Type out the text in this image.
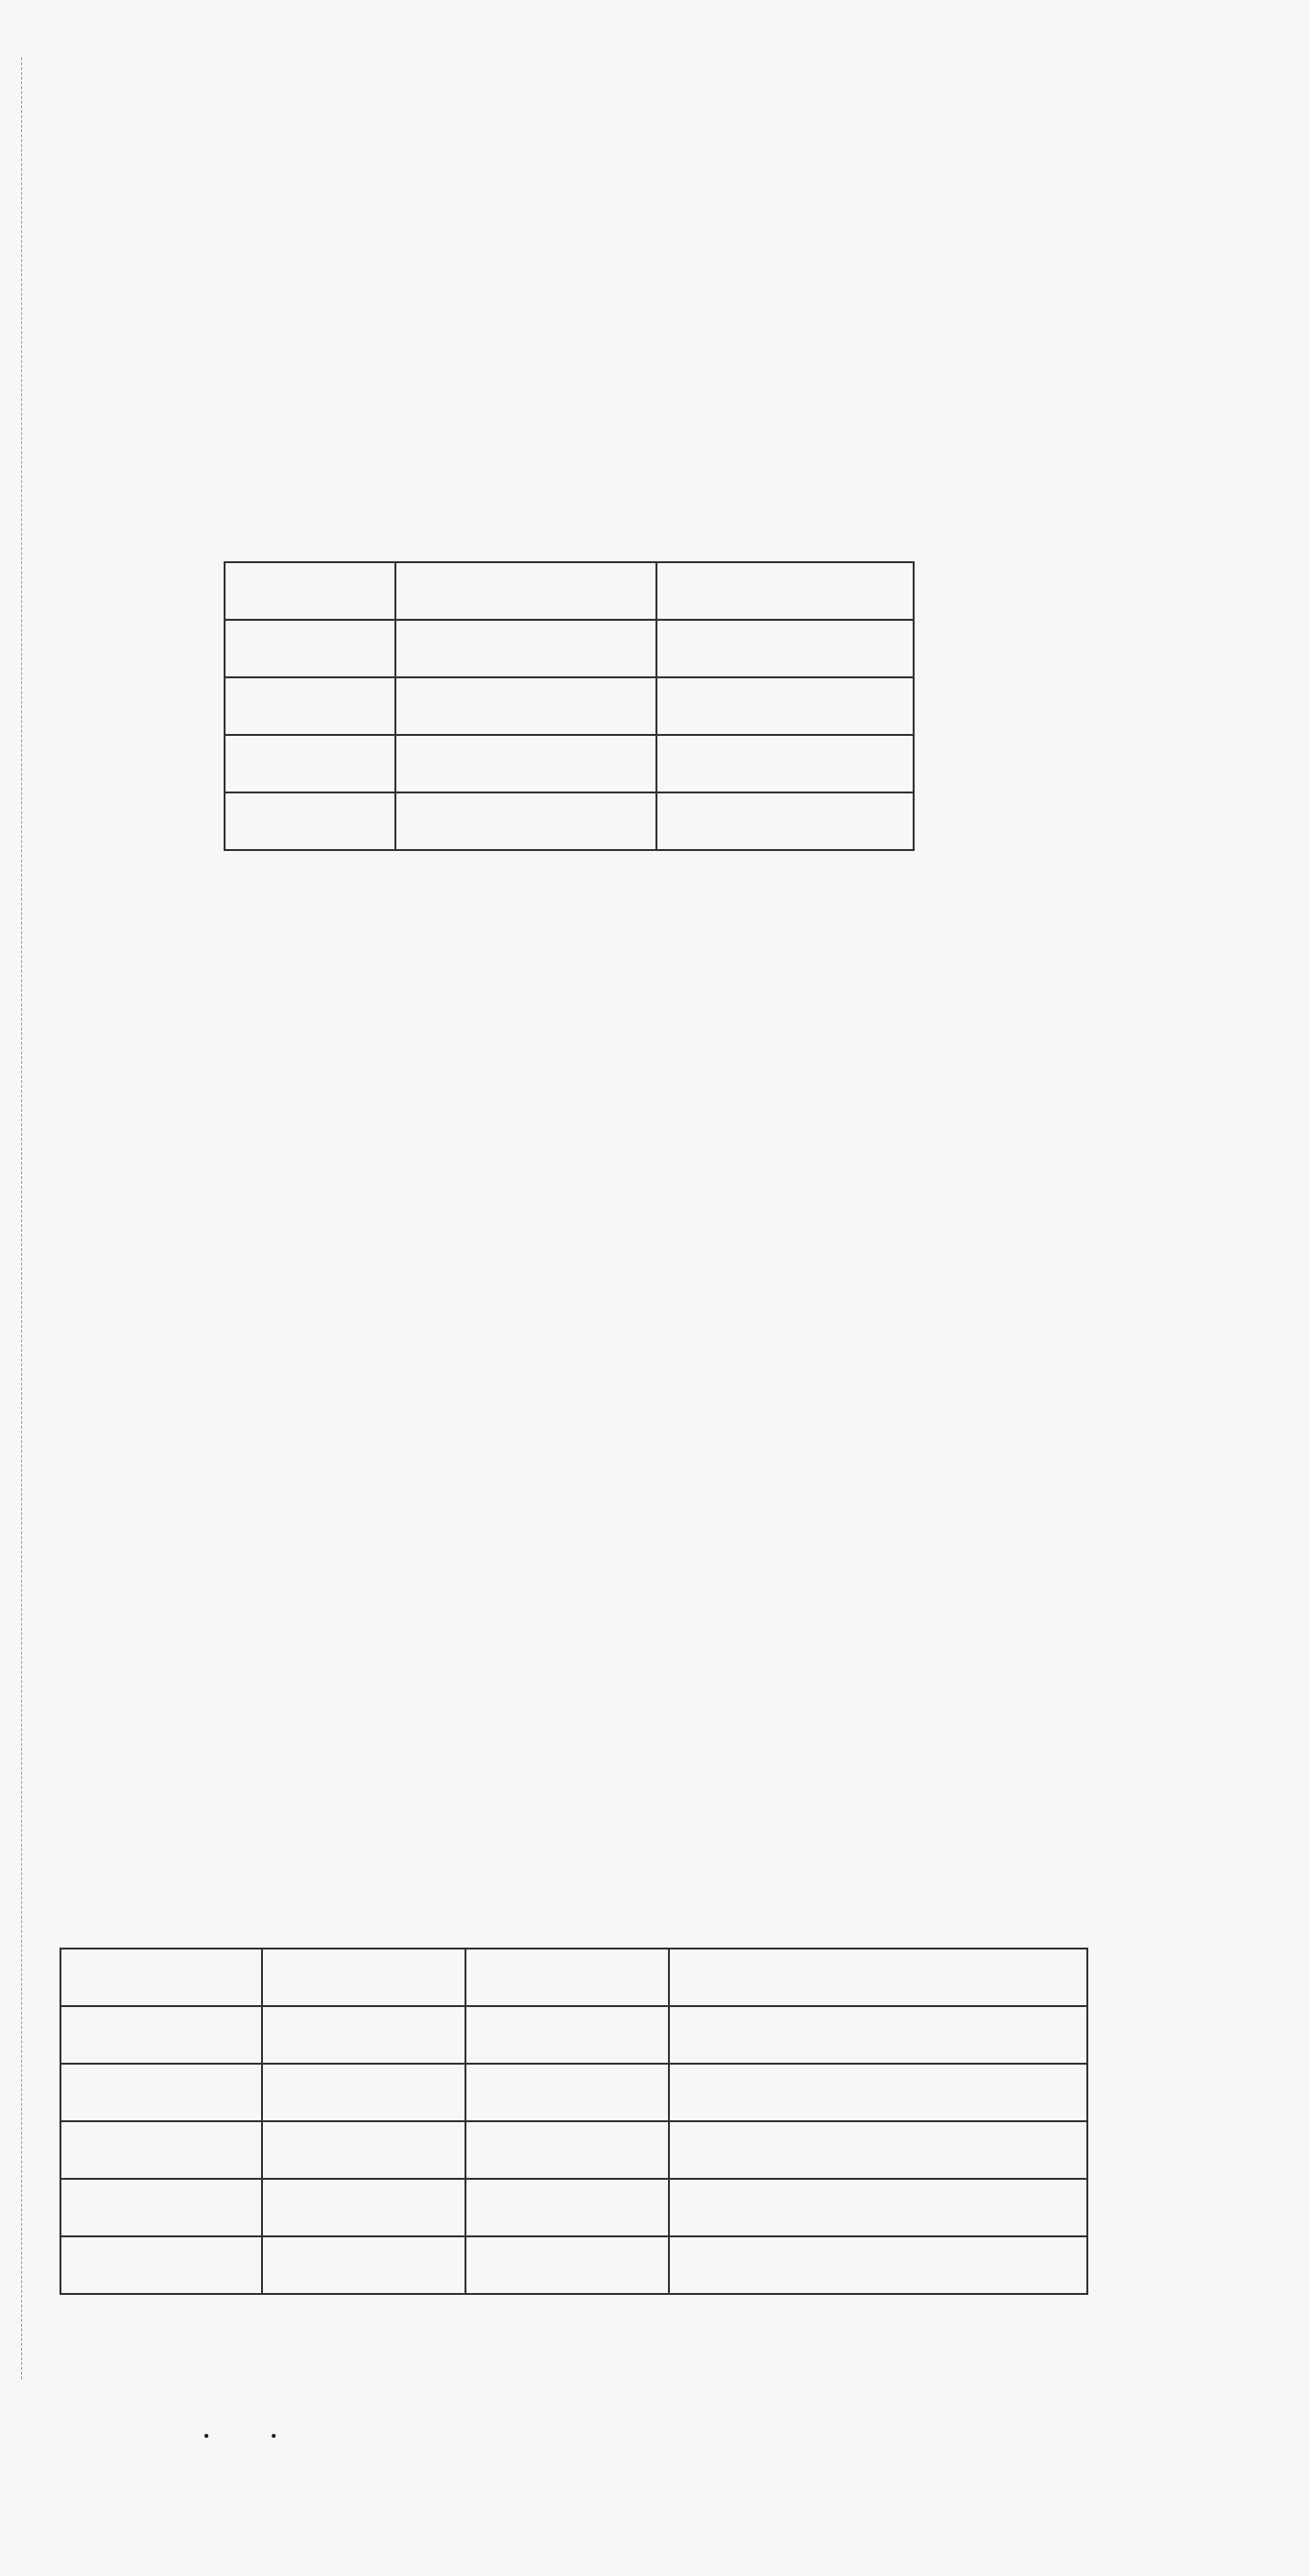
· ·
